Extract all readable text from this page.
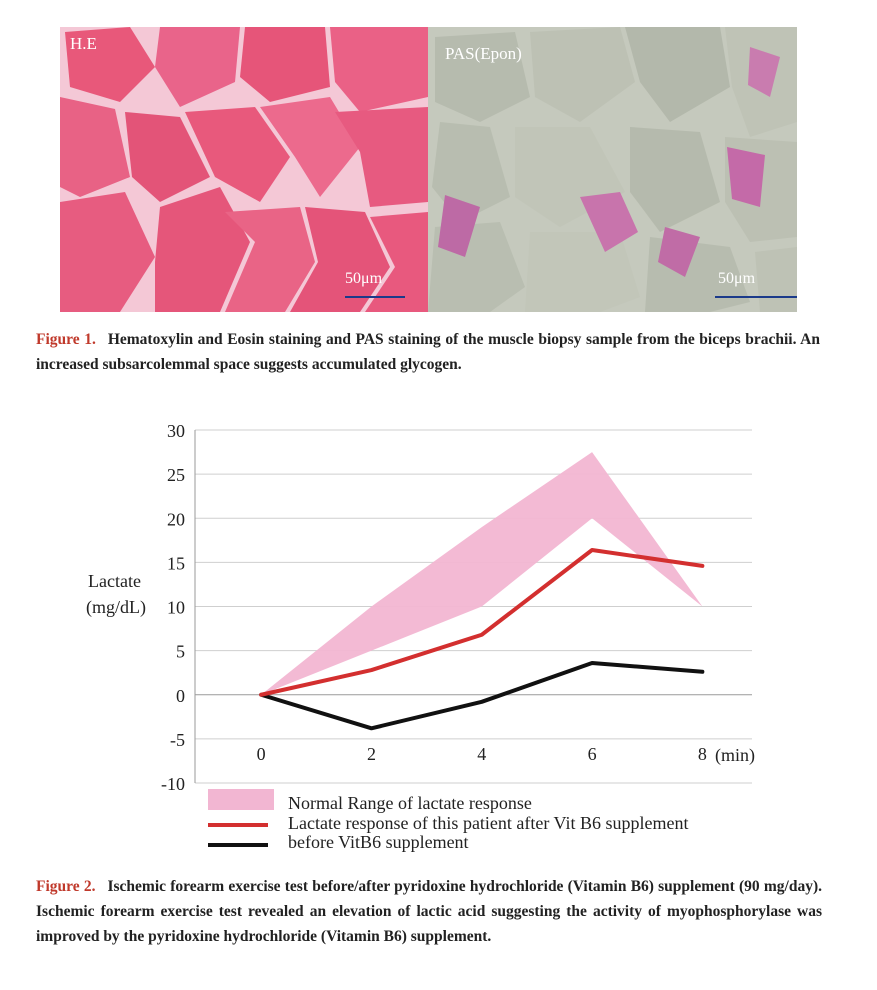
H.E
50μm
PAS(Epon)
50μm
Figure 1. Hematoxylin and Eosin staining and PAS staining of the muscle biopsy sample from the biceps brachii. An increased subsarcolemmal space suggests accumulated glycogen.
30
25
20
15
10
5
0
-5
-10
0	2	4	6	8
Lactate
(mg/dL)
(min)
Normal Range of lactate response
Lactate response of this patient after Vit B6 supplement
before VitB6 supplement
Figure 2. Ischemic forearm exercise test before/after pyridoxine hydrochloride (Vitamin B6) supplement (90 mg/day). Ischemic forearm exercise test revealed an elevation of lactic acid suggesting the activity of myophosphorylase was improved by the pyridoxine hydrochloride (Vitamin B6) supplement.
